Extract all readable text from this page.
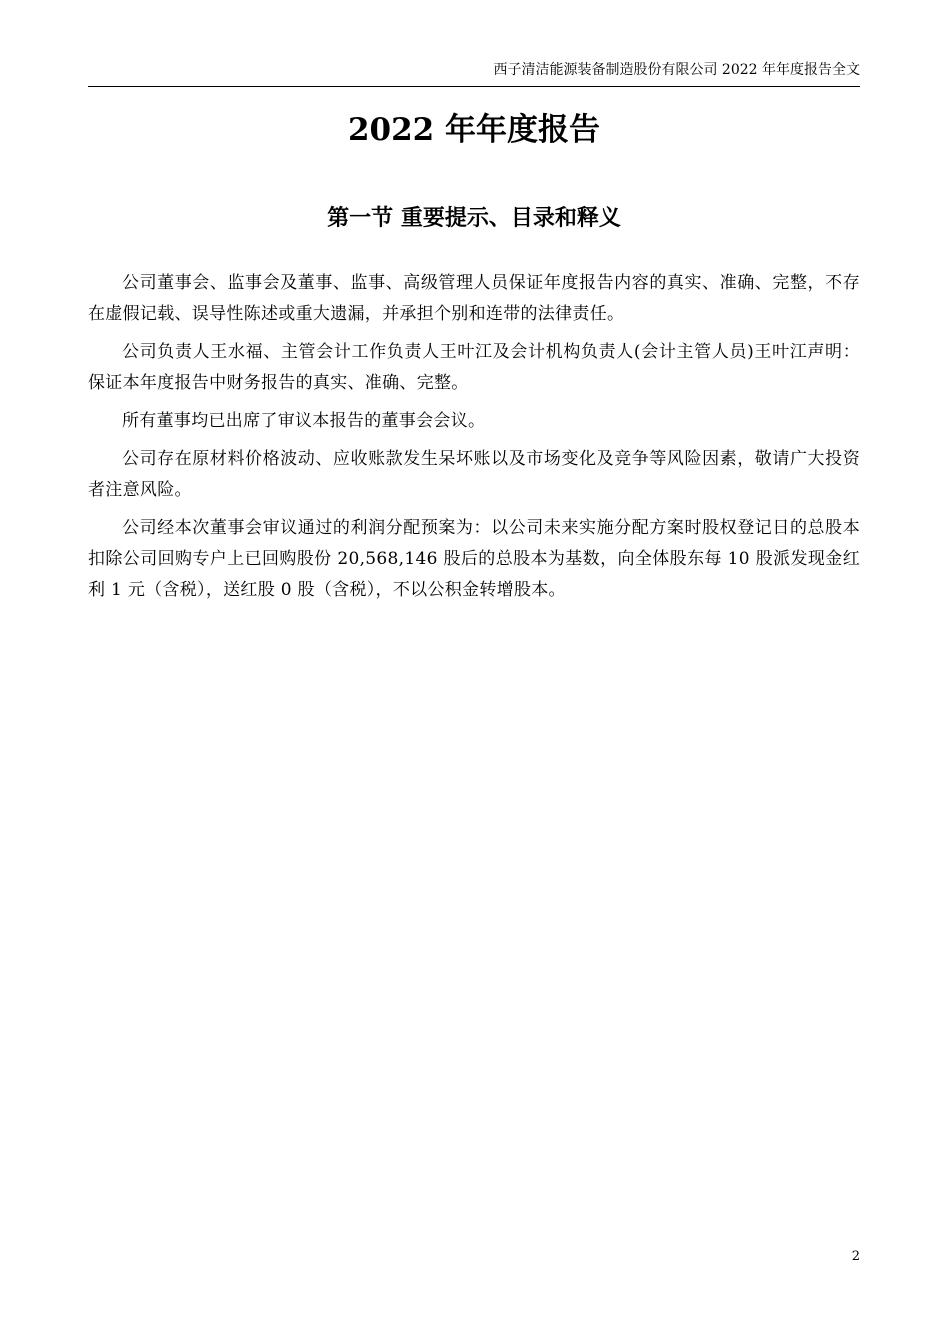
西子清洁能源装备制造股份有限公司 2022 年年度报告全文
2022 年年度报告
第一节 重要提示、目录和释义

公司董事会、监事会及董事、监事、高级管理人员保证年度报告内容的真实、准确、完整，不存在虚假记载、误导性陈述或重大遗漏，并承担个别和连带的法律责任。

公司负责人王水福、主管会计工作负责人王叶江及会计机构负责人(会计主管人员)王叶江声明：保证本年度报告中财务报告的真实、准确、完整。

所有董事均已出席了审议本报告的董事会会议。

公司存在原材料价格波动、应收账款发生呆坏账以及市场变化及竞争等风险因素，敬请广大投资者注意风险。

公司经本次董事会审议通过的利润分配预案为：以公司未来实施分配方案时股权登记日的总股本扣除公司回购专户上已回购股份 20,568,146 股后的总股本为基数，向全体股东每 10 股派发现金红利 1 元（含税），送红股 0 股（含税），不以公积金转增股本。

2
